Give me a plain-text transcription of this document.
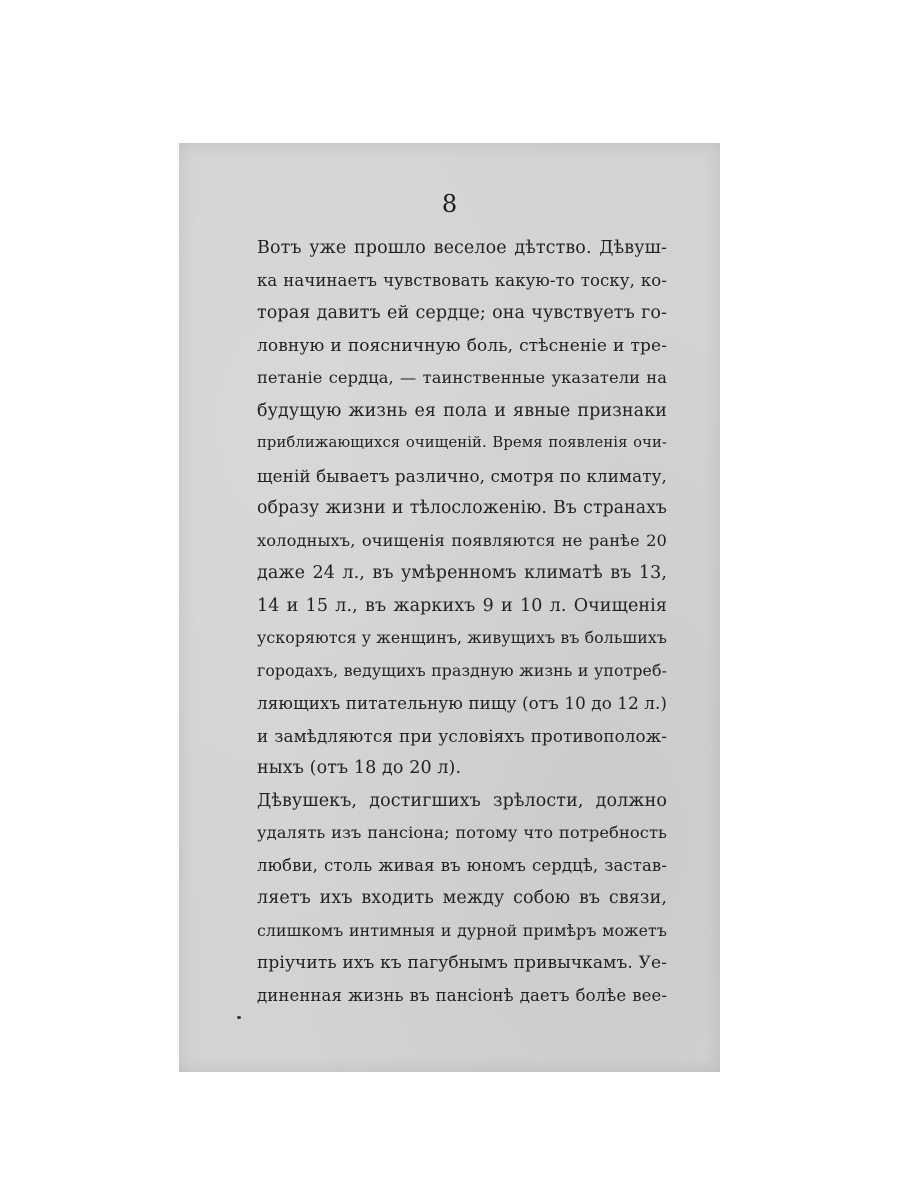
8
Вотъ уже прошло веселое дѣтство. Дѣвуш-
ка начинаетъ чувствовать какую-то тоску, ко-
торая давитъ ей сердце; она чувствуетъ го-
ловную и поясничную боль, стѣсненіе и тре-
петаніе сердца, — таинственные указатели на
будущую жизнь ея пола и явные признаки
приближающихся очищеній. Время появленія очи-
щеній бываетъ различно, смотря по климату,
образу жизни и тѣлосложенію. Въ странахъ
холодныхъ, очищенія появляются не ранѣе 20
даже 24 л., въ умѣренномъ климатѣ въ 13,
14 и 15 л., въ жаркихъ 9 и 10 л. Очищенія
ускоряются у женщинъ, живущихъ въ большихъ
городахъ, ведущихъ праздную жизнь и употреб-
ляющихъ питательную пищу (отъ 10 до 12 л.)
и замѣдляются при условіяхъ противополож-
ныхъ (отъ 18 до 20 л).
Дѣвушекъ, достигшихъ зрѣлости, должно
удалять изъ пансіона; потому что потребность
любви, столь живая въ юномъ сердцѣ, застав-
ляетъ ихъ входить между собою въ связи,
слишкомъ интимныя и дурной примѣръ можетъ
пріучить ихъ къ пагубнымъ привычкамъ. Уе-
диненная жизнь въ пансіонѣ даетъ болѣе вее-
